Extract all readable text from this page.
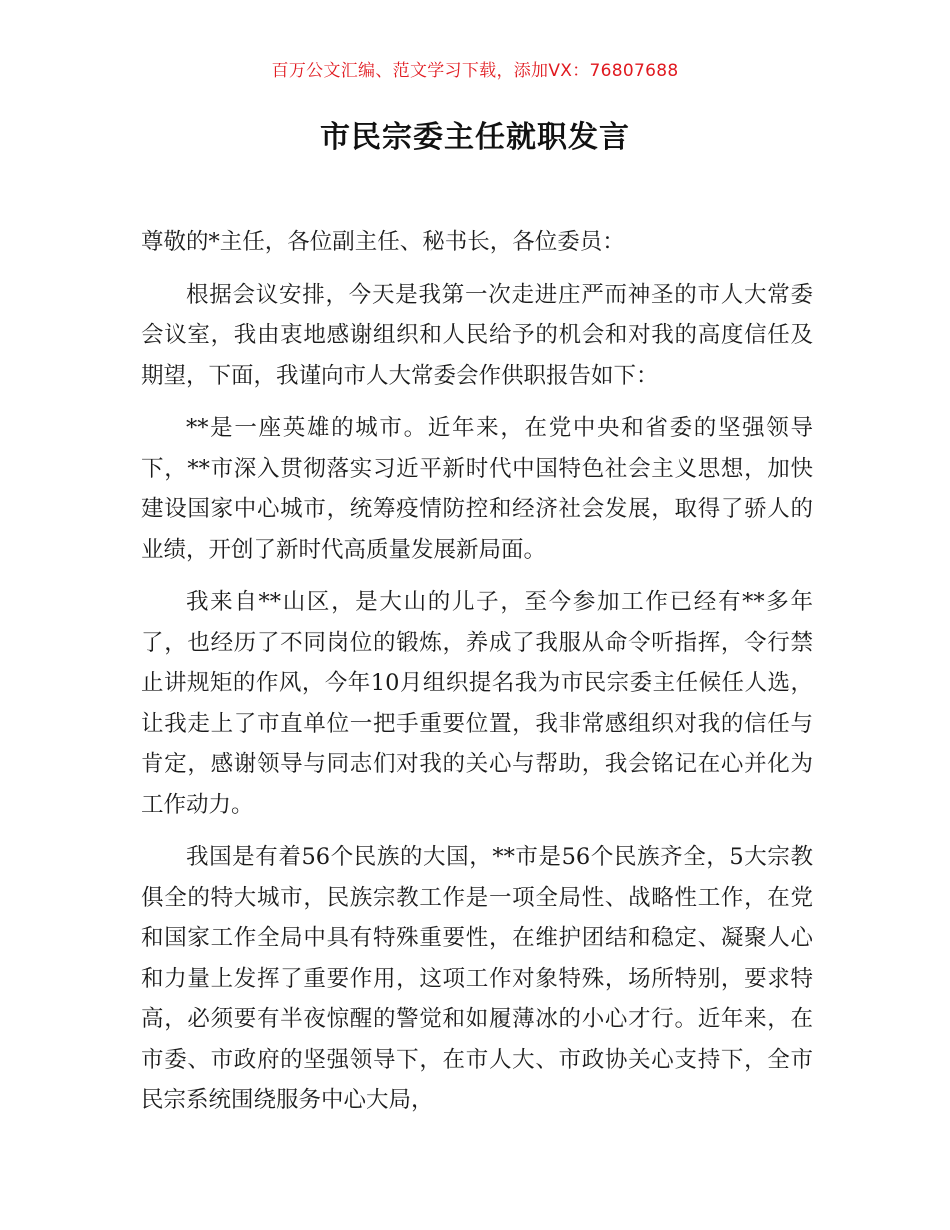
百万公文汇编、范文学习下载，添加VX：76807688
市民宗委主任就职发言

尊敬的*主任，各位副主任、秘书长，各位委员：

根据会议安排，今天是我第一次走进庄严而神圣的市人大常委会议室，我由衷地感谢组织和人民给予的机会和对我的高度信任及期望，下面，我谨向市人大常委会作供职报告如下：

**是一座英雄的城市。近年来，在党中央和省委的坚强领导下，**市深入贯彻落实习近平新时代中国特色社会主义思想，加快建设国家中心城市，统筹疫情防控和经济社会发展，取得了骄人的业绩，开创了新时代高质量发展新局面。

我来自**山区，是大山的儿子，至今参加工作已经有**多年了，也经历了不同岗位的锻炼，养成了我服从命令听指挥，令行禁止讲规矩的作风，今年10月组织提名我为市民宗委主任候任人选，让我走上了市直单位一把手重要位置，我非常感组织对我的信任与肯定，感谢领导与同志们对我的关心与帮助，我会铭记在心并化为工作动力。

我国是有着56个民族的大国，**市是56个民族齐全，5大宗教俱全的特大城市，民族宗教工作是一项全局性、战略性工作，在党和国家工作全局中具有特殊重要性，在维护团结和稳定、凝聚人心和力量上发挥了重要作用，这项工作对象特殊，场所特别，要求特高，必须要有半夜惊醒的警觉和如履薄冰的小心才行。近年来，在市委、市政府的坚强领导下，在市人大、市政协关心支持下，全市民宗系统围绕服务中心大局，
